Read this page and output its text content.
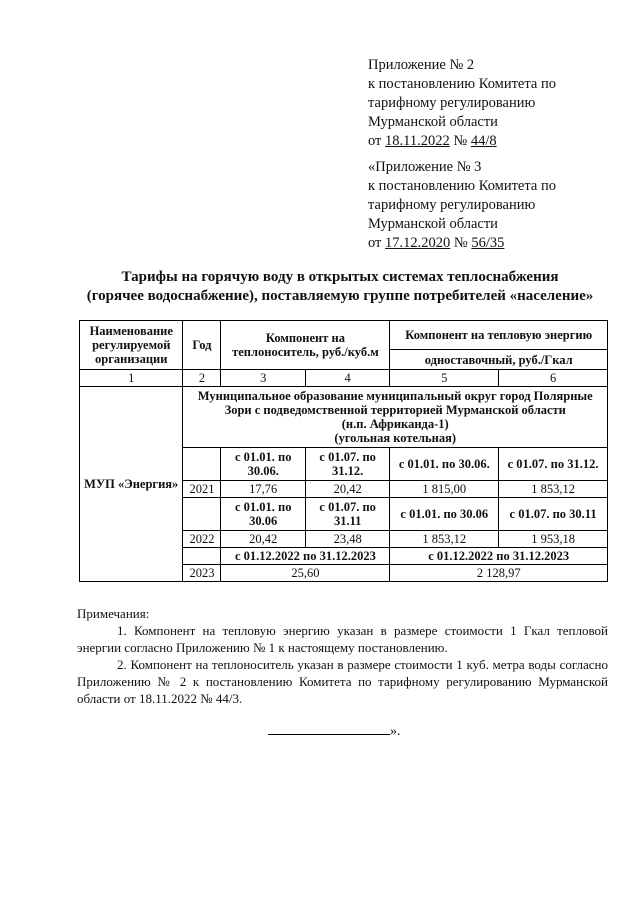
Приложение № 2
к постановлению Комитета по
тарифному регулированию
Мурманской области
от 18.11.2022 № 44/8
«Приложение № 3
к постановлению Комитета по
тарифному регулированию
Мурманской области
от 17.12.2020 № 56/35
Тарифы на горячую воду в открытых системах теплоснабжения
(горячее водоснабжение), поставляемую группе потребителей «население»
Наименование регулируемой организации	Год	Компонент на теплоноситель, руб./куб.м		Компонент на тепловую энергию	
				одноставочный, руб./Гкал	
1	2	3	4	5	6
МУП «Энергия»	Муниципальное образование муниципальный округ город Полярные
Зори с подведомственной территорией Мурманской области
(н.п. Африканда-1)
(угольная котельная)				

		с 01.01. по 30.06.	с 01.07. по 31.12.	с 01.01. по 30.06.	с 01.07. по 31.12.
	2021	17,76	20,42	1 815,00	1 853,12
		с 01.01. по 30.06	с 01.07. по 31.11	с 01.01. по 30.06	с 01.07. по 30.11
	2022	20,42	23,48	1 853,12	1 953,18
		с 01.12.2022 по 31.12.2023		с 01.12.2022 по 31.12.2023	
	2023	25,60		2 128,97	
Примечания:
1. Компонент на тепловую энергию указан в размере стоимости 1 Гкал тепловой энергии согласно Приложению № 1 к настоящему постановлению.
2. Компонент на теплоноситель указан в размере стоимости 1 куб. метра воды согласно Приложению № 2 к постановлению Комитета по тарифному регулированию Мурманской области от 18.11.2022 № 44/3.
».
